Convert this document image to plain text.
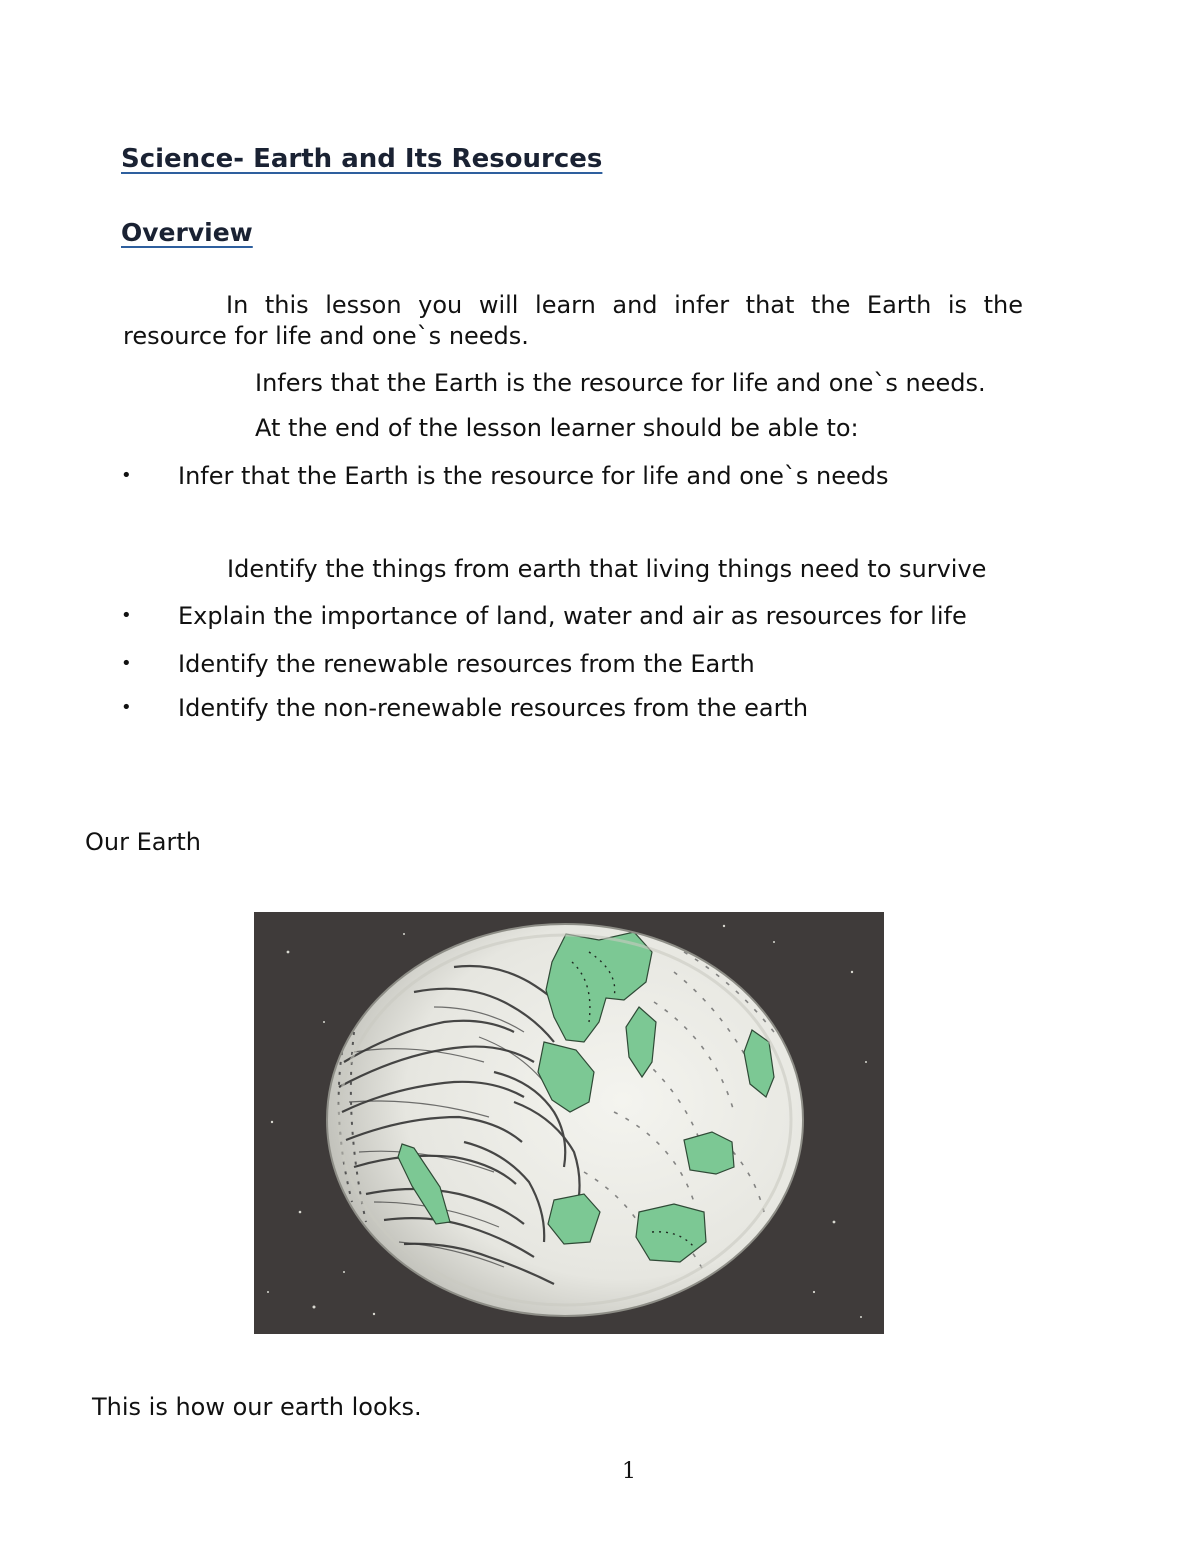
Science- Earth and Its Resources
Overview
In this lesson you will learn and infer that the Earth is the
resource for life and one`s needs.
Infers that the Earth is the resource for life and one`s needs.
At the end of the lesson learner should be able to:
• Infer that the Earth is the resource for life and one`s needs
Identify the things from earth that living things need to survive
• Explain the importance of land, water and air as resources for life
• Identify the renewable resources from the Earth
• Identify the non-renewable resources from the earth
Our Earth
This is how our earth looks.
1
